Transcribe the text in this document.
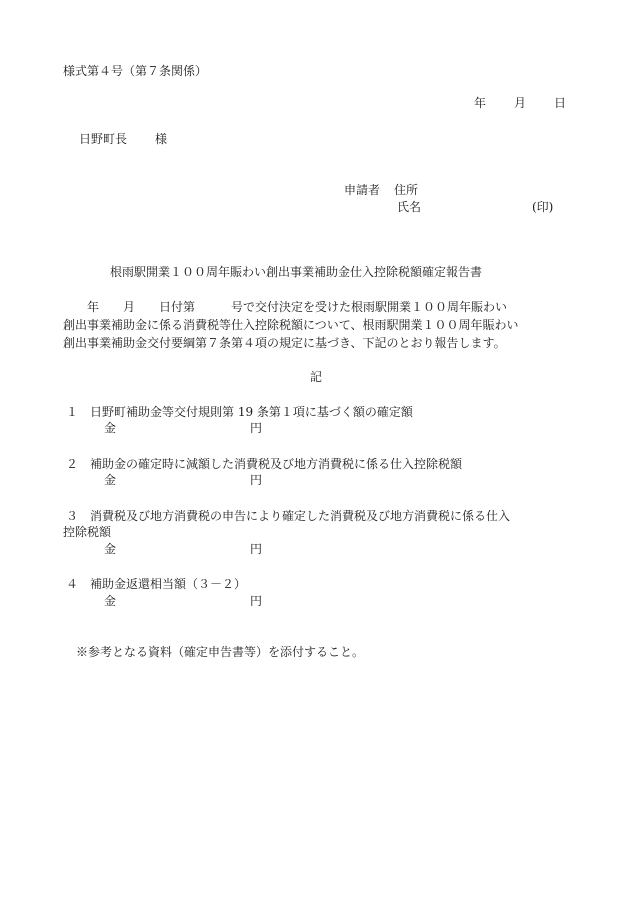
様式第４号（第７条関係）
年 月 日
日野町長 様
申請者 住所
氏名	(印)
根雨駅開業１００周年賑わい創出事業補助金仕入控除税額確定報告書
　　年　　月　　日付第　　　号で交付決定を受けた根雨駅開業１００周年賑わい
創出事業補助金に係る消費税等仕入控除税額について、根雨駅開業１００周年賑わい
創出事業補助金交付要綱第７条第４項の規定に基づき、下記のとおり報告します。
記
１ 日野町補助金等交付規則第 19 条第１項に基づく額の確定額
金	円
２ 補助金の確定時に減額した消費税及び地方消費税に係る仕入控除税額
金	円
３ 消費税及び地方消費税の申告により確定した消費税及び地方消費税に係る仕入
控除税額
金	円
４ 補助金返還相当額（３－２）
金	円
※参考となる資料（確定申告書等）を添付すること。
